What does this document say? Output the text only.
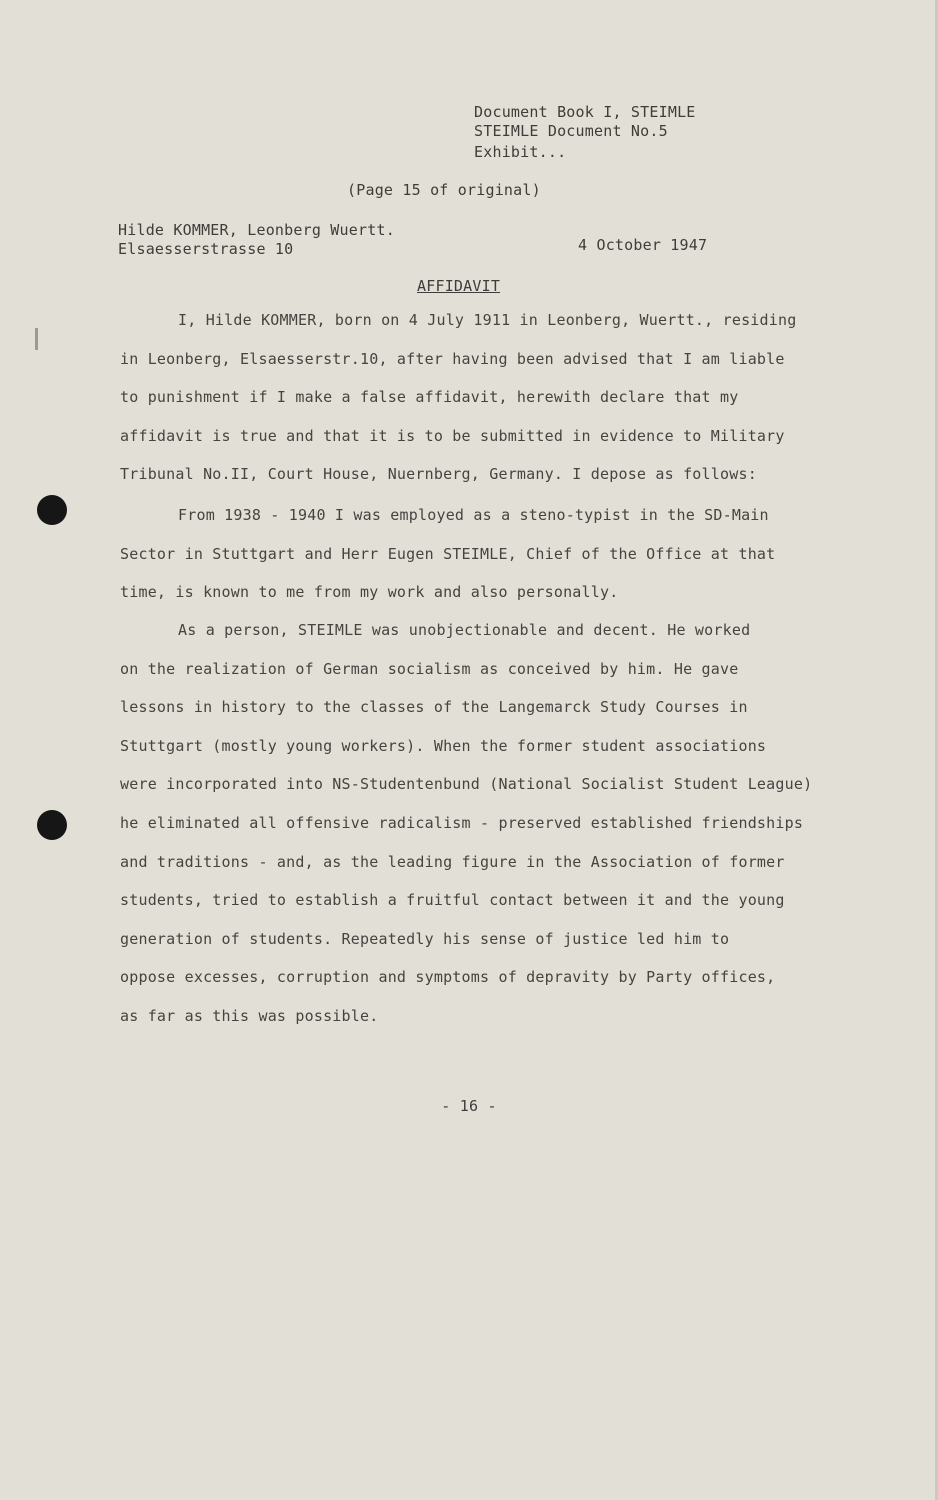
Document Book I, STEIMLE
STEIMLE Document No.5
Exhibit...
(Page 15 of original)
Hilde KOMMER, Leonberg Wuertt.
Elsaesserstrasse 10	4 October 1947
AFFIDAVIT
I, Hilde KOMMER, born on 4 July 1911 in Leonberg, Wuertt., residing
in Leonberg, Elsaesserstr.10, after having been advised that I am liable
to punishment if I make a false affidavit, herewith declare that my
affidavit is true and that it is to be submitted in evidence to Military
Tribunal No.II, Court House, Nuernberg, Germany. I depose as follows:
From 1938 - 1940 I was employed as a steno-typist in the SD-Main
Sector in Stuttgart and Herr Eugen STEIMLE, Chief of the Office at that
time, is known to me from my work and also personally.
As a person, STEIMLE was unobjectionable and decent. He worked
on the realization of German socialism as conceived by him. He gave
lessons in history to the classes of the Langemarck Study Courses in
Stuttgart (mostly young workers). When the former student associations
were incorporated into NS-Studentenbund (National Socialist Student League)
he eliminated all offensive radicalism - preserved established friendships
and traditions - and, as the leading figure in the Association of former
students, tried to establish a fruitful contact between it and the young
generation of students. Repeatedly his sense of justice led him to
oppose excesses, corruption and symptoms of depravity by Party offices,
as far as this was possible.
- 16 -
